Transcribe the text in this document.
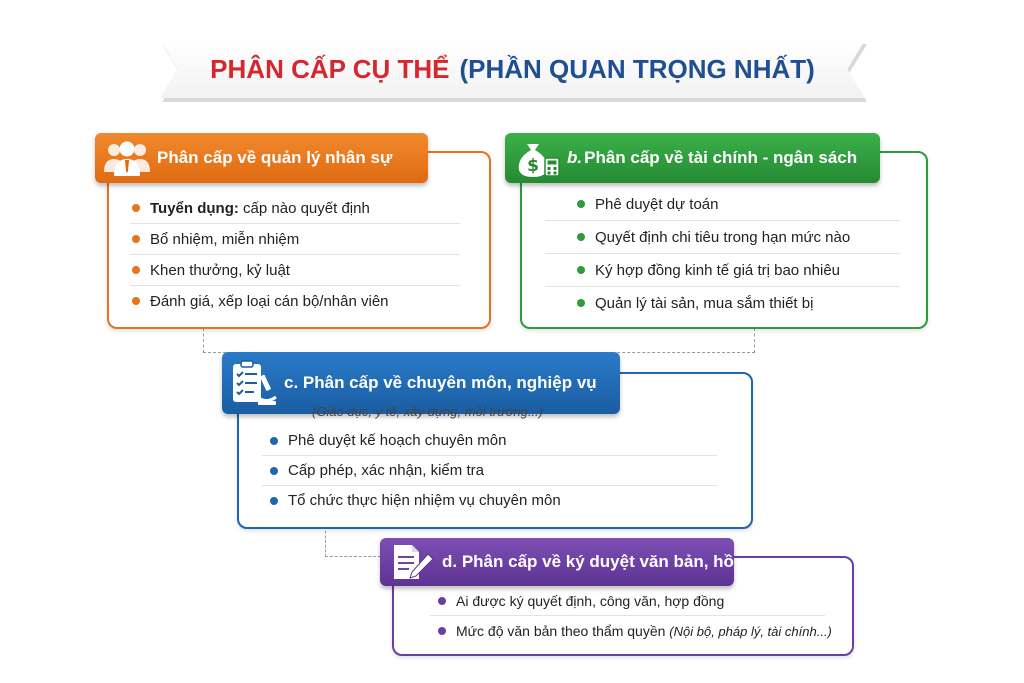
PHÂN CẤP CỤ THỂ (PHẦN QUAN TRỌNG NHẤT)
Phân cấp về quản lý nhân sự
Tuyển dụng: cấp nào quyết định
Bổ nhiệm, miễn nhiệm
Khen thưởng, kỷ luật
Đánh giá, xếp loại cán bộ/nhân viên
$ b. Phân cấp về tài chính - ngân sách
Phê duyệt dự toán
Quyết định chi tiêu trong hạn mức nào
Ký hợp đồng kinh tế giá trị bao nhiêu
Quản lý tài sản, mua sắm thiết bị
c. Phân cấp về chuyên môn, nghiệp vụ
(Giáo dục, y tế, xây dựng, môi trường...)
Phê duyệt kế hoạch chuyên môn
Cấp phép, xác nhận, kiểm tra
Tổ chức thực hiện nhiệm vụ chuyên môn
d. Phân cấp về ký duyệt văn bản, hồ sơ
Ai được ký quyết định, công văn, hợp đồng
Mức độ văn bản theo thẩm quyền (Nội bộ, pháp lý, tài chính...)
